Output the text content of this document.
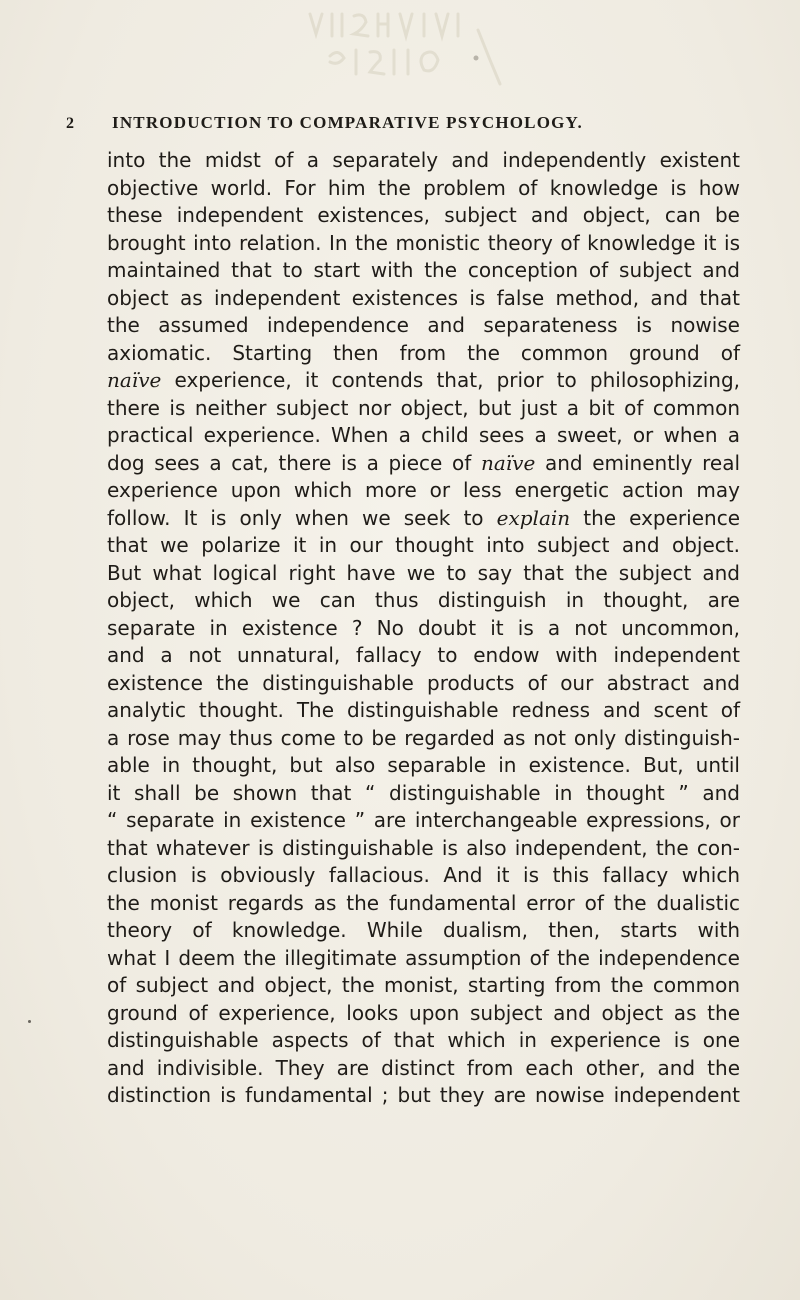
2	INTRODUCTION TO COMPARATIVE PSYCHOLOGY.
into the midst of a separately and independently existent
objective world. For him the problem of knowledge is how
these independent existences, subject and object, can be
brought into relation. In the monistic theory of knowledge it is
maintained that to start with the conception of subject and
object as independent existences is false method, and that
the assumed independence and separateness is nowise
axiomatic. Starting then from the common ground of
naïve experience, it contends that, prior to philosophizing,
there is neither subject nor object, but just a bit of common
practical experience. When a child sees a sweet, or when a
dog sees a cat, there is a piece of naïve and eminently real
experience upon which more or less energetic action may
follow. It is only when we seek to explain the experience
that we polarize it in our thought into subject and object.
But what logical right have we to say that the subject and
object, which we can thus distinguish in thought, are
separate in existence ? No doubt it is a not uncommon,
and a not unnatural, fallacy to endow with independent
existence the distinguishable products of our abstract and
analytic thought. The distinguishable redness and scent of
a rose may thus come to be regarded as not only distinguish-
able in thought, but also separable in existence. But, until
it shall be shown that “ distinguishable in thought ” and
“ separate in existence ” are interchangeable expressions, or
that whatever is distinguishable is also independent, the con-
clusion is obviously fallacious. And it is this fallacy which
the monist regards as the fundamental error of the dualistic
theory of knowledge. While dualism, then, starts with
what I deem the illegitimate assumption of the independence
of subject and object, the monist, starting from the common
ground of experience, looks upon subject and object as the
distinguishable aspects of that which in experience is one
and indivisible. They are distinct from each other, and the
distinction is fundamental ; but they are nowise independent
